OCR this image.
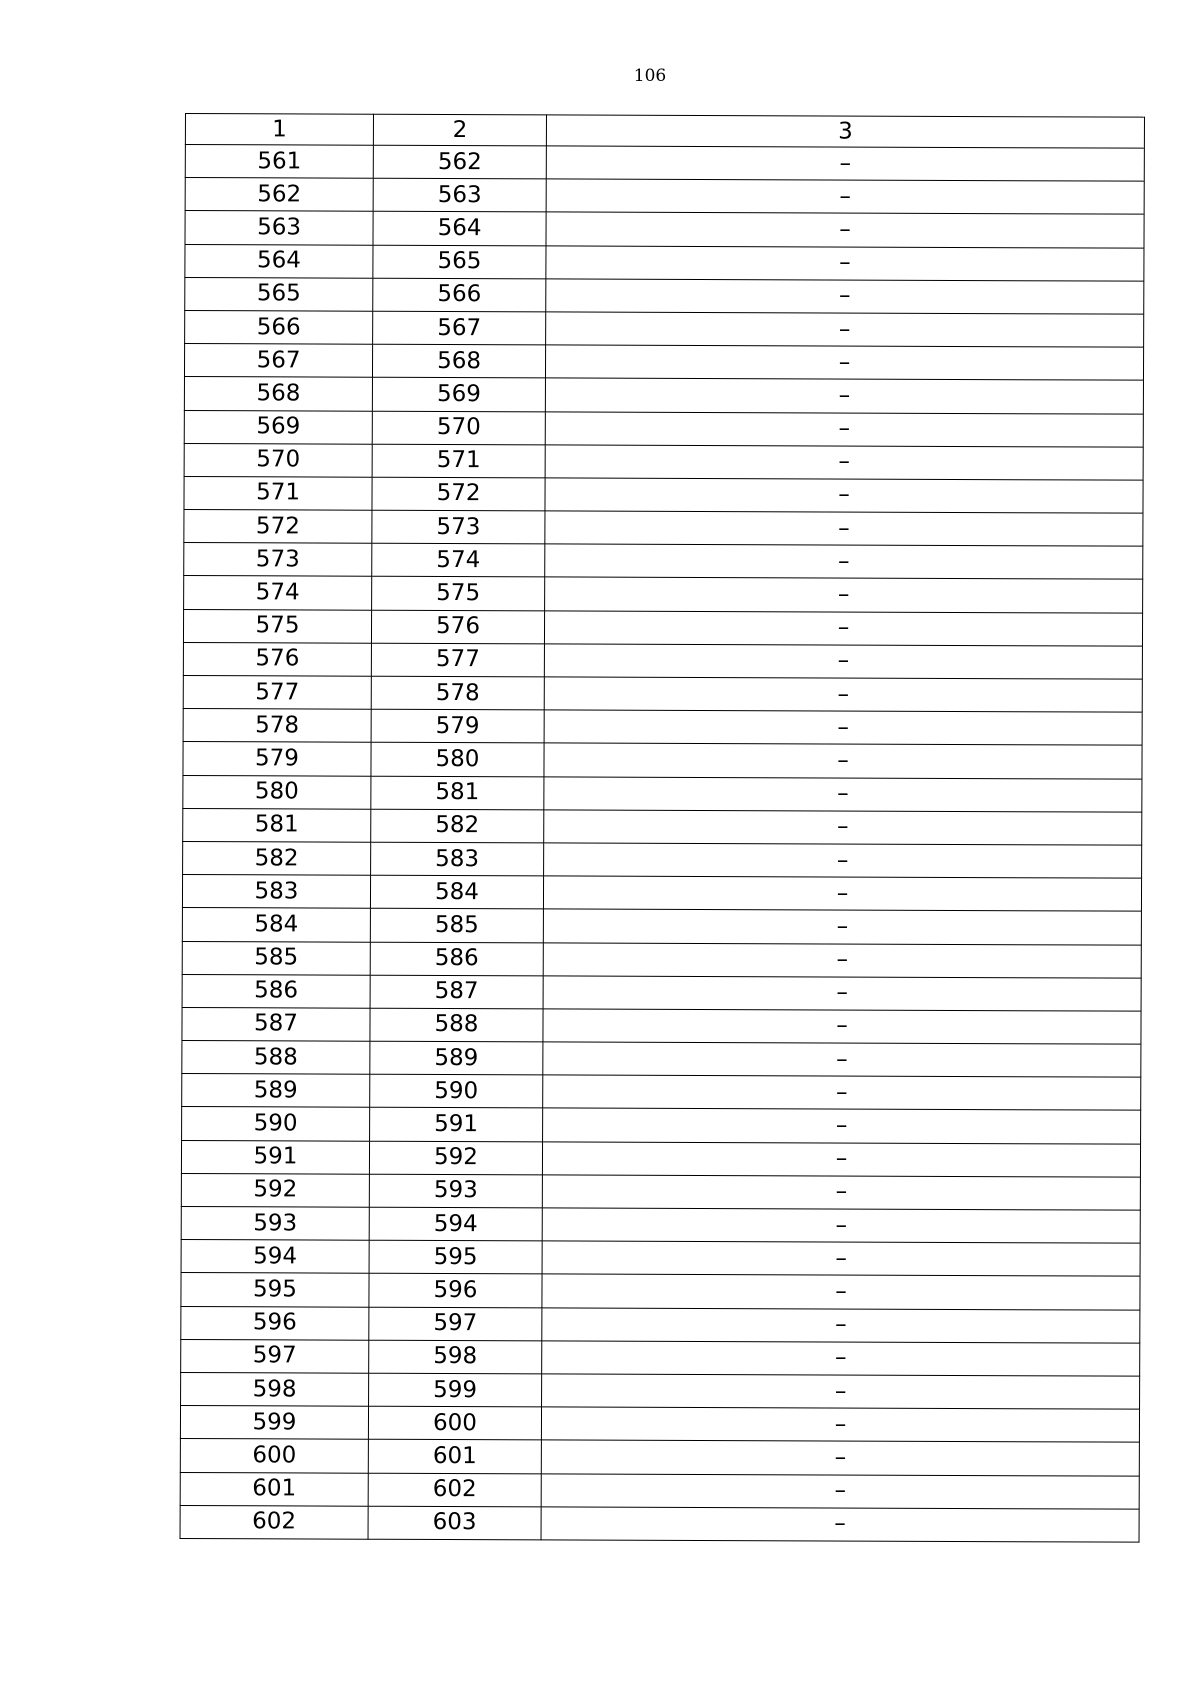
106
1	2	3
561	562	–
562	563	–
563	564	–
564	565	–
565	566	–
566	567	–
567	568	–
568	569	–
569	570	–
570	571	–
571	572	–
572	573	–
573	574	–
574	575	–
575	576	–
576	577	–
577	578	–
578	579	–
579	580	–
580	581	–
581	582	–
582	583	–
583	584	–
584	585	–
585	586	–
586	587	–
587	588	–
588	589	–
589	590	–
590	591	–
591	592	–
592	593	–
593	594	–
594	595	–
595	596	–
596	597	–
597	598	–
598	599	–
599	600	–
600	601	–
601	602	–
602	603	–
